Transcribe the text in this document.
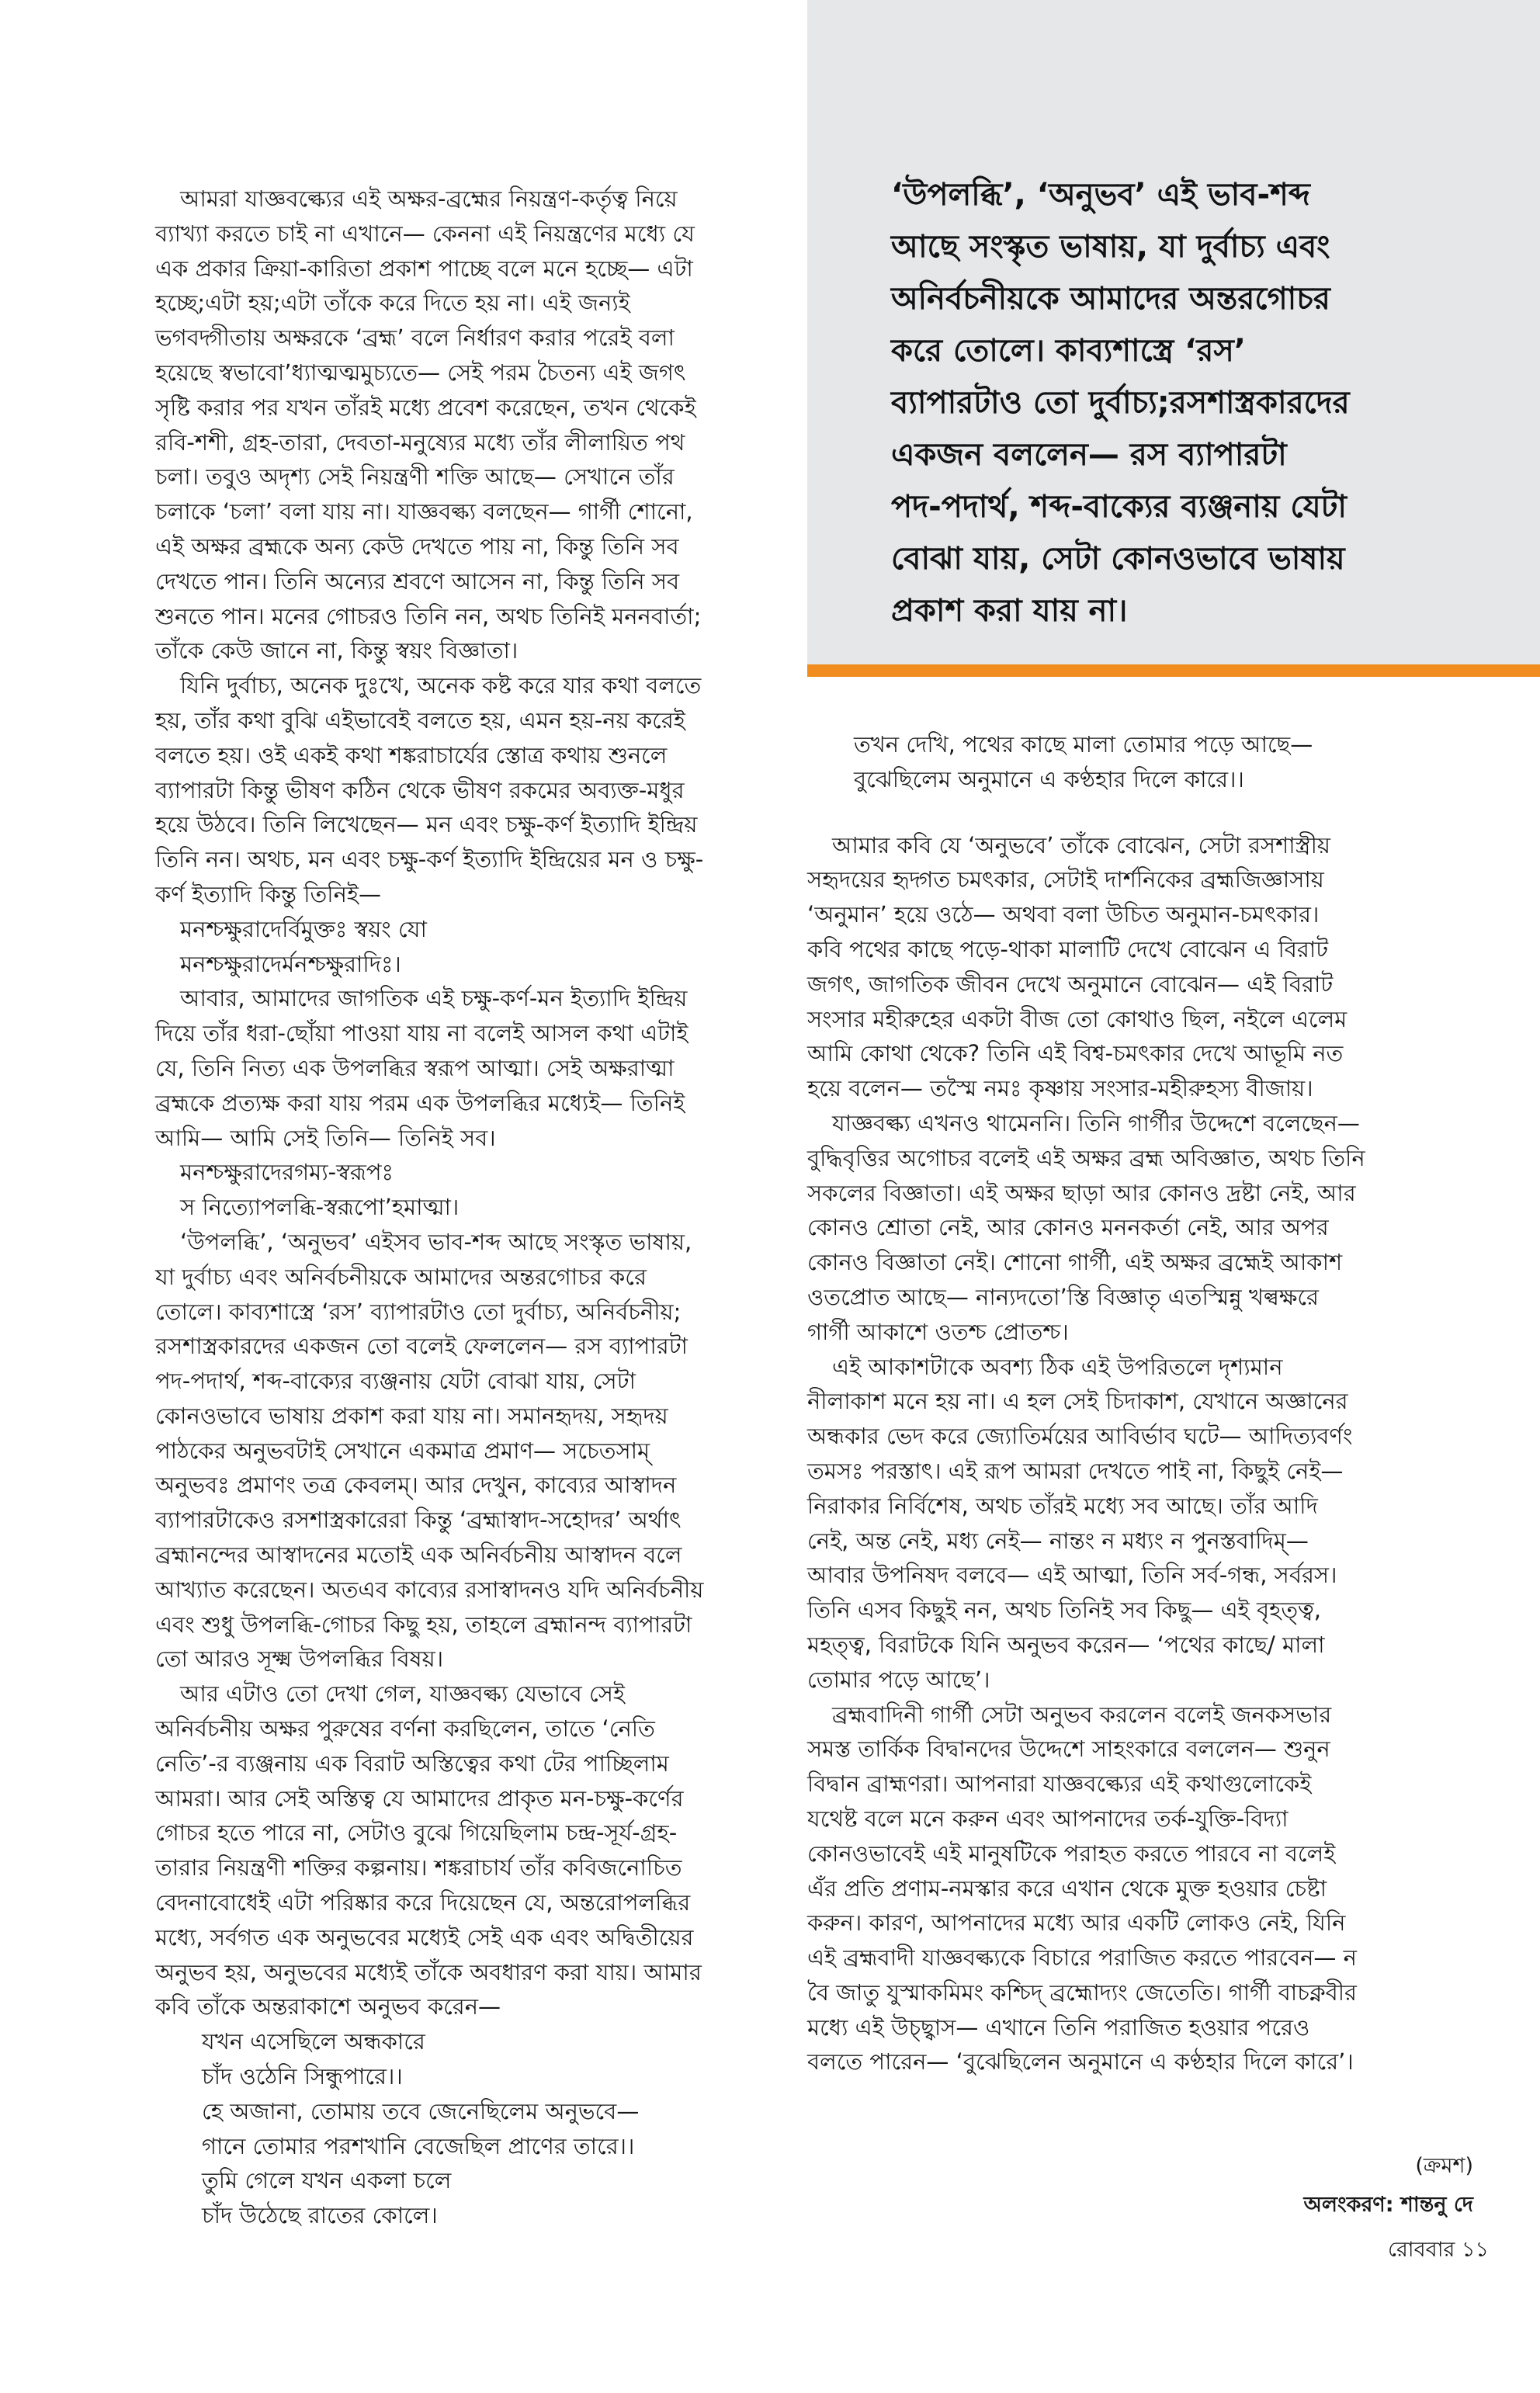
‘উপলব্ধি’, ‘অনুভব’ এই ভাব-শব্দ
আছে সংস্কৃত ভাষায়, যা দুর্বাচ্য এবং
অনির্বচনীয়কে আমাদের অন্তরগোচর
করে তোলে। কাব্যশাস্ত্রে ‘রস’
ব্যাপারটাও তো দুর্বাচ্য;রসশাস্ত্রকারদের
একজন বললেন— রস ব্যাপারটা
পদ-পদার্থ, শব্দ-বাক্যের ব্যঞ্জনায় যেটা
বোঝা যায়, সেটা কোনওভাবে ভাষায়
প্রকাশ করা যায় না।
আমরা যাজ্ঞবল্ক্যের এই অক্ষর-ব্রহ্মের নিয়ন্ত্রণ-কর্তৃত্ব নিয়ে
ব্যাখ্যা করতে চাই না এখানে— কেননা এই নিয়ন্ত্রণের মধ্যে যে
এক প্রকার ক্রিয়া-কারিতা প্রকাশ পাচ্ছে বলে মনে হচ্ছে— এটা
হচ্ছে;এটা হয়;এটা তাঁকে করে দিতে হয় না। এই জন্যই
ভগবদ্গীতায় অক্ষরকে ‘ব্রহ্ম’ বলে নির্ধারণ করার পরেই বলা
হয়েছে স্বভাবো’ধ্যাত্মত্মমুচ্যতে— সেই পরম চৈতন্য এই জগৎ
সৃষ্টি করার পর যখন তাঁরই মধ্যে প্রবেশ করেছেন, তখন থেকেই
রবি-শশী, গ্রহ-তারা, দেবতা-মনুষ্যের মধ্যে তাঁর লীলায়িত পথ
চলা। তবুও অদৃশ্য সেই নিয়ন্ত্রণী শক্তি আছে— সেখানে তাঁর
চলাকে ‘চলা’ বলা যায় না। যাজ্ঞবল্ক্য বলছেন— গার্গী শোনো,
এই অক্ষর ব্রহ্মকে অন্য কেউ দেখতে পায় না, কিন্তু তিনি সব
দেখতে পান। তিনি অন্যের শ্রবণে আসেন না, কিন্তু তিনি সব
শুনতে পান। মনের গোচরও তিনি নন, অথচ তিনিই মননবার্তা;
তাঁকে কেউ জানে না, কিন্তু স্বয়ং বিজ্ঞাতা।
যিনি দুর্বাচ্য, অনেক দুঃখে, অনেক কষ্ট করে যার কথা বলতে
হয়, তাঁর কথা বুঝি এইভাবেই বলতে হয়, এমন হয়-নয় করেই
বলতে হয়। ওই একই কথা শঙ্করাচার্যের স্তোত্র কথায় শুনলে
ব্যাপারটা কিন্তু ভীষণ কঠিন থেকে ভীষণ রকমের অব্যক্ত-মধুর
হয়ে উঠবে। তিনি লিখেছেন— মন এবং চক্ষু-কর্ণ ইত্যাদি ইন্দ্রিয়
তিনি নন। অথচ, মন এবং চক্ষু-কর্ণ ইত্যাদি ইন্দ্রিয়ের মন ও চক্ষু-
কর্ণ ইত্যাদি কিন্তু তিনিই—
মনশ্চক্ষুরাদের্বিমুক্তঃ স্বয়ং যো
মনশ্চক্ষুরাদের্মনশ্চক্ষুরাদিঃ।
আবার, আমাদের জাগতিক এই চক্ষু-কর্ণ-মন ইত্যাদি ইন্দ্রিয়
দিয়ে তাঁর ধরা-ছোঁয়া পাওয়া যায় না বলেই আসল কথা এটাই
যে, তিনি নিত্য এক উপলব্ধির স্বরূপ আত্মা। সেই অক্ষরাত্মা
ব্রহ্মকে প্রত্যক্ষ করা যায় পরম এক উপলব্ধির মধ্যেই— তিনিই
আমি— আমি সেই তিনি— তিনিই সব।
মনশ্চক্ষুরাদেরগম্য-স্বরূপঃ
স নিত্যোপলব্ধি-স্বরূপো’হমাত্মা।
‘উপলব্ধি’, ‘অনুভব’ এইসব ভাব-শব্দ আছে সংস্কৃত ভাষায়,
যা দুর্বাচ্য এবং অনির্বচনীয়কে আমাদের অন্তরগোচর করে
তোলে। কাব্যশাস্ত্রে ‘রস’ ব্যাপারটাও তো দুর্বাচ্য, অনির্বচনীয়;
রসশাস্ত্রকারদের একজন তো বলেই ফেললেন— রস ব্যাপারটা
পদ-পদার্থ, শব্দ-বাক্যের ব্যঞ্জনায় যেটা বোঝা যায়, সেটা
কোনওভাবে ভাষায় প্রকাশ করা যায় না। সমানহৃদয়, সহৃদয়
পাঠকের অনুভবটাই সেখানে একমাত্র প্রমাণ— সচেতসাম্
অনুভবঃ প্রমাণং তত্র কেবলম্। আর দেখুন, কাব্যের আস্বাদন
ব্যাপারটাকেও রসশাস্ত্রকারেরা কিন্তু ‘ব্রহ্মাস্বাদ-সহোদর’ অর্থাৎ
ব্রহ্মানন্দের আস্বাদনের মতোই এক অনির্বচনীয় আস্বাদন বলে
আখ্যাত করেছেন। অতএব কাব্যের রসাস্বাদনও যদি অনির্বচনীয়
এবং শুধু উপলব্ধি-গোচর কিছু হয়, তাহলে ব্রহ্মানন্দ ব্যাপারটা
তো আরও সূক্ষ্ম উপলব্ধির বিষয়।
আর এটাও তো দেখা গেল, যাজ্ঞবল্ক্য যেভাবে সেই
অনির্বচনীয় অক্ষর পুরুষের বর্ণনা করছিলেন, তাতে ‘নেতি
নেতি’-র ব্যঞ্জনায় এক বিরাট অস্তিত্বের কথা টের পাচ্ছিলাম
আমরা। আর সেই অস্তিত্ব যে আমাদের প্রাকৃত মন-চক্ষু-কর্ণের
গোচর হতে পারে না, সেটাও বুঝে গিয়েছিলাম চন্দ্র-সূর্য-গ্রহ-
তারার নিয়ন্ত্রণী শক্তির কল্পনায়। শঙ্করাচার্য তাঁর কবিজনোচিত
বেদনাবোধেই এটা পরিষ্কার করে দিয়েছেন যে, অন্তরোপলব্ধির
মধ্যে, সর্বগত এক অনুভবের মধ্যেই সেই এক এবং অদ্বিতীয়ের
অনুভব হয়, অনুভবের মধ্যেই তাঁকে অবধারণ করা যায়। আমার
কবি তাঁকে অন্তরাকাশে অনুভব করেন—
যখন এসেছিলে অন্ধকারে
চাঁদ ওঠেনি সিন্ধুপারে।।
হে অজানা, তোমায় তবে জেনেছিলেম অনুভবে—
গানে তোমার পরশখানি বেজেছিল প্রাণের তারে।।
তুমি গেলে যখন একলা চলে
চাঁদ উঠেছে রাতের কোলে।
তখন দেখি, পথের কাছে মালা তোমার পড়ে আছে—
বুঝেছিলেম অনুমানে এ কণ্ঠহার দিলে কারে।।
আমার কবি যে ‘অনুভবে’ তাঁকে বোঝেন, সেটা রসশাস্ত্রীয়
সহৃদয়ের হৃদ্গত চমৎকার, সেটাই দার্শনিকের ব্রহ্মজিজ্ঞাসায়
‘অনুমান’ হয়ে ওঠে— অথবা বলা উচিত অনুমান-চমৎকার।
কবি পথের কাছে পড়ে-থাকা মালাটি দেখে বোঝেন এ বিরাট
জগৎ, জাগতিক জীবন দেখে অনুমানে বোঝেন— এই বিরাট
সংসার মহীরুহের একটা বীজ তো কোথাও ছিল, নইলে এলেম
আমি কোথা থেকে? তিনি এই বিশ্ব-চমৎকার দেখে আভূমি নত
হয়ে বলেন— তস্মৈ নমঃ কৃষ্ণায় সংসার-মহীরুহস্য বীজায়।
যাজ্ঞবল্ক্য এখনও থামেননি। তিনি গার্গীর উদ্দেশে বলেছেন—
বুদ্ধিবৃত্তির অগোচর বলেই এই অক্ষর ব্রহ্ম অবিজ্ঞাত, অথচ তিনি
সকলের বিজ্ঞাতা। এই অক্ষর ছাড়া আর কোনও দ্রষ্টা নেই, আর
কোনও শ্রোতা নেই, আর কোনও মননকর্তা নেই, আর অপর
কোনও বিজ্ঞাতা নেই। শোনো গার্গী, এই অক্ষর ব্রহ্মেই আকাশ
ওতপ্রোত আছে— নান্যদতো’স্তি বিজ্ঞাতৃ এতস্মিন্নু খল্বক্ষরে
গার্গী আকাশে ওতশ্চ প্রোতশ্চ।
এই আকাশটাকে অবশ্য ঠিক এই উপরিতলে দৃশ্যমান
নীলাকাশ মনে হয় না। এ হল সেই চিদাকাশ, যেখানে অজ্ঞানের
অন্ধকার ভেদ করে জ্যোতির্ময়ের আবির্ভাব ঘটে— আদিত্যবর্ণং
তমসঃ পরস্তাৎ। এই রূপ আমরা দেখতে পাই না, কিছুই নেই—
নিরাকার নির্বিশেষ, অথচ তাঁরই মধ্যে সব আছে। তাঁর আদি
নেই, অন্ত নেই, মধ্য নেই— নান্তং ন মধ্যং ন পুনস্তবাদিম্—
আবার উপনিষদ বলবে— এই আত্মা, তিনি সর্ব-গন্ধ, সর্বরস।
তিনি এসব কিছুই নন, অথচ তিনিই সব কিছু— এই বৃহত্ত্ব,
মহত্ত্ব, বিরাটকে যিনি অনুভব করেন— ‘পথের কাছে/ মালা
তোমার পড়ে আছে’।
ব্রহ্মবাদিনী গার্গী সেটা অনুভব করলেন বলেই জনকসভার
সমস্ত তার্কিক বিদ্বানদের উদ্দেশে সাহংকারে বললেন— শুনুন
বিদ্বান ব্রাহ্মণরা। আপনারা যাজ্ঞবল্ক্যের এই কথাগুলোকেই
যথেষ্ট বলে মনে করুন এবং আপনাদের তর্ক-যুক্তি-বিদ্যা
কোনওভাবেই এই মানুষটিকে পরাহত করতে পারবে না বলেই
এঁর প্রতি প্রণাম-নমস্কার করে এখান থেকে মুক্ত হওয়ার চেষ্টা
করুন। কারণ, আপনাদের মধ্যে আর একটি লোকও নেই, যিনি
এই ব্রহ্মবাদী যাজ্ঞবল্ক্যকে বিচারে পরাজিত করতে পারবেন— ন
বৈ জাতু যুস্মাকমিমং কশ্চিদ্ ব্রহ্মোদ্যং জেতেতি। গার্গী বাচক্নবীর
মধ্যে এই উচ্ছ্বাস— এখানে তিনি পরাজিত হওয়ার পরেও
বলতে পারেন— ‘বুঝেছিলেন অনুমানে এ কণ্ঠহার দিলে কারে’।
(ক্রমশ)
অলংকরণ: শান্তনু দে
রোববার ১১
